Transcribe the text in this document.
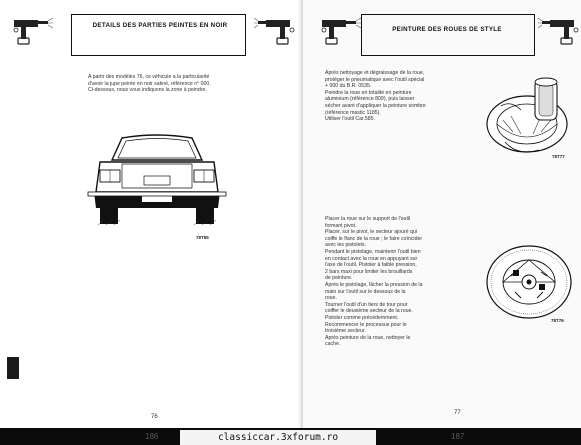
DETAILS DES PARTIES PEINTES EN NOIR

A partir des modèles 76, ce véhicule a la particularité
d'avoir la jupe peinte en noir satiné, référence n° 000.
Ci-dessous, nous vous indiquons la zone à peindre.

78T85
76
PEINTURE DES ROUES DE STYLE

Après nettoyage et dégraissage de la roue,
protéger le pneumatique avec l'outil spécial
+ 000 du B.R. 0535.
Peindre la roue en totalité en peinture
aluminium (référence 809), puis laisser
sécher avant d'appliquer la peinture sombre
(référence mastic 1185).
Utiliser l'outil Car.585.

78T77

Placer la roue sur le support de l'outil
formant pivot.
Placer, sur le pivot, le secteur ajouré qui
coiffe le flanc de la roue ; le faire coïncider
avec les pistolets.
Pendant le pistolage, maintenir l'outil bien
en contact avec la roue en appuyant sur
l'axe de l'outil. Pistoler à faible pression,
2 bars maxi pour limiter les brouillards
de peinture.
Après le pistolage, lâcher la pression de la
main sur l'outil sur le dessous de la
roue.
Tourner l'outil d'un tiers de tour pour
coiffer le deuxième secteur de la roue.
Pistoler comme précédemment.
Recommencer le processus pour le
troisième secteur.
Après peinture de la roue, nettoyer le
cache.

78T76
77
186	187
classiccar.3xforum.ro
